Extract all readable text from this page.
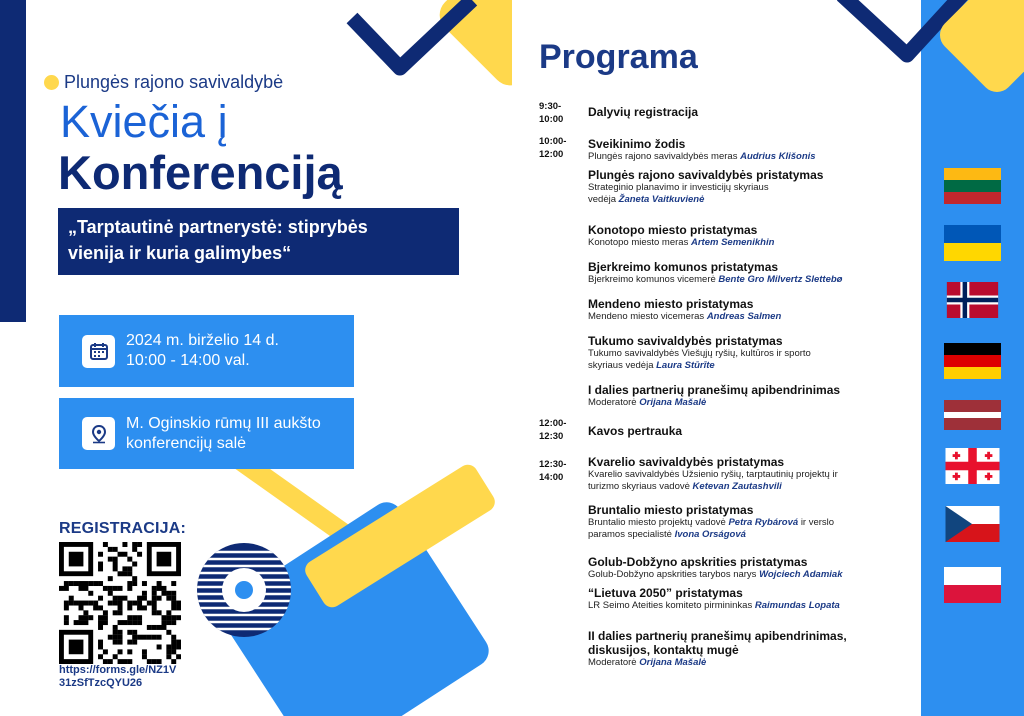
Plungės rajono savivaldybė
Kviečia į
Konferenciją
„Tarptautinė partnerystė: stiprybės
vienija ir kuria galimybes“
2024 m. birželio 14 d.
10:00 - 14:00 val.
M. Oginskio rūmų III aukšto
konferencijų salė
REGISTRACIJA:
https://forms.gle/NZ1V
31zSfTzcQYU26
Programa
9:30-
10:00
10:00-
12:00
12:00-
12:30
12:30-
14:00
Dalyvių registracija
Sveikinimo žodis
Plungės rajono savivaldybės meras Audrius Klišonis
Plungės rajono savivaldybės pristatymas
Strateginio planavimo ir investicijų skyriaus
vedėja Žaneta Vaitkuvienė
Konotopo miesto pristatymas
Konotopo miesto meras Artem Semenikhin
Bjerkreimo komunos pristatymas
Bjerkreimo komunos vicemerė Bente Gro Milvertz Slettebø
Mendeno miesto pristatymas
Mendeno miesto vicemeras Andreas Salmen
Tukumo savivaldybės pristatymas
Tukumo savivaldybės Viešųjų ryšių, kultūros ir sporto
skyriaus vedėja Laura Stūrīte
I dalies partnerių pranešimų apibendrinimas
Moderatorė Orijana Mašalė
Kavos pertrauka
Kvarelio savivaldybės pristatymas
Kvarelio savivaldybės Užsienio ryšių, tarptautinių projektų ir
turizmo skyriaus vadovė Ketevan Zautashvili
Bruntalio miesto pristatymas
Bruntalio miesto projektų vadovė Petra Rybárová ir verslo
paramos specialistė Ivona Orságová
Golub-Dobžyno apskrities pristatymas
Golub-Dobžyno apskrities tarybos narys Wojciech Adamiak
“Lietuva 2050” pristatymas
LR Seimo Ateities komiteto pirmininkas Raimundas Lopata
II dalies partnerių pranešimų apibendrinimas,
diskusijos, kontaktų mugė
Moderatorė Orijana Mašalė
